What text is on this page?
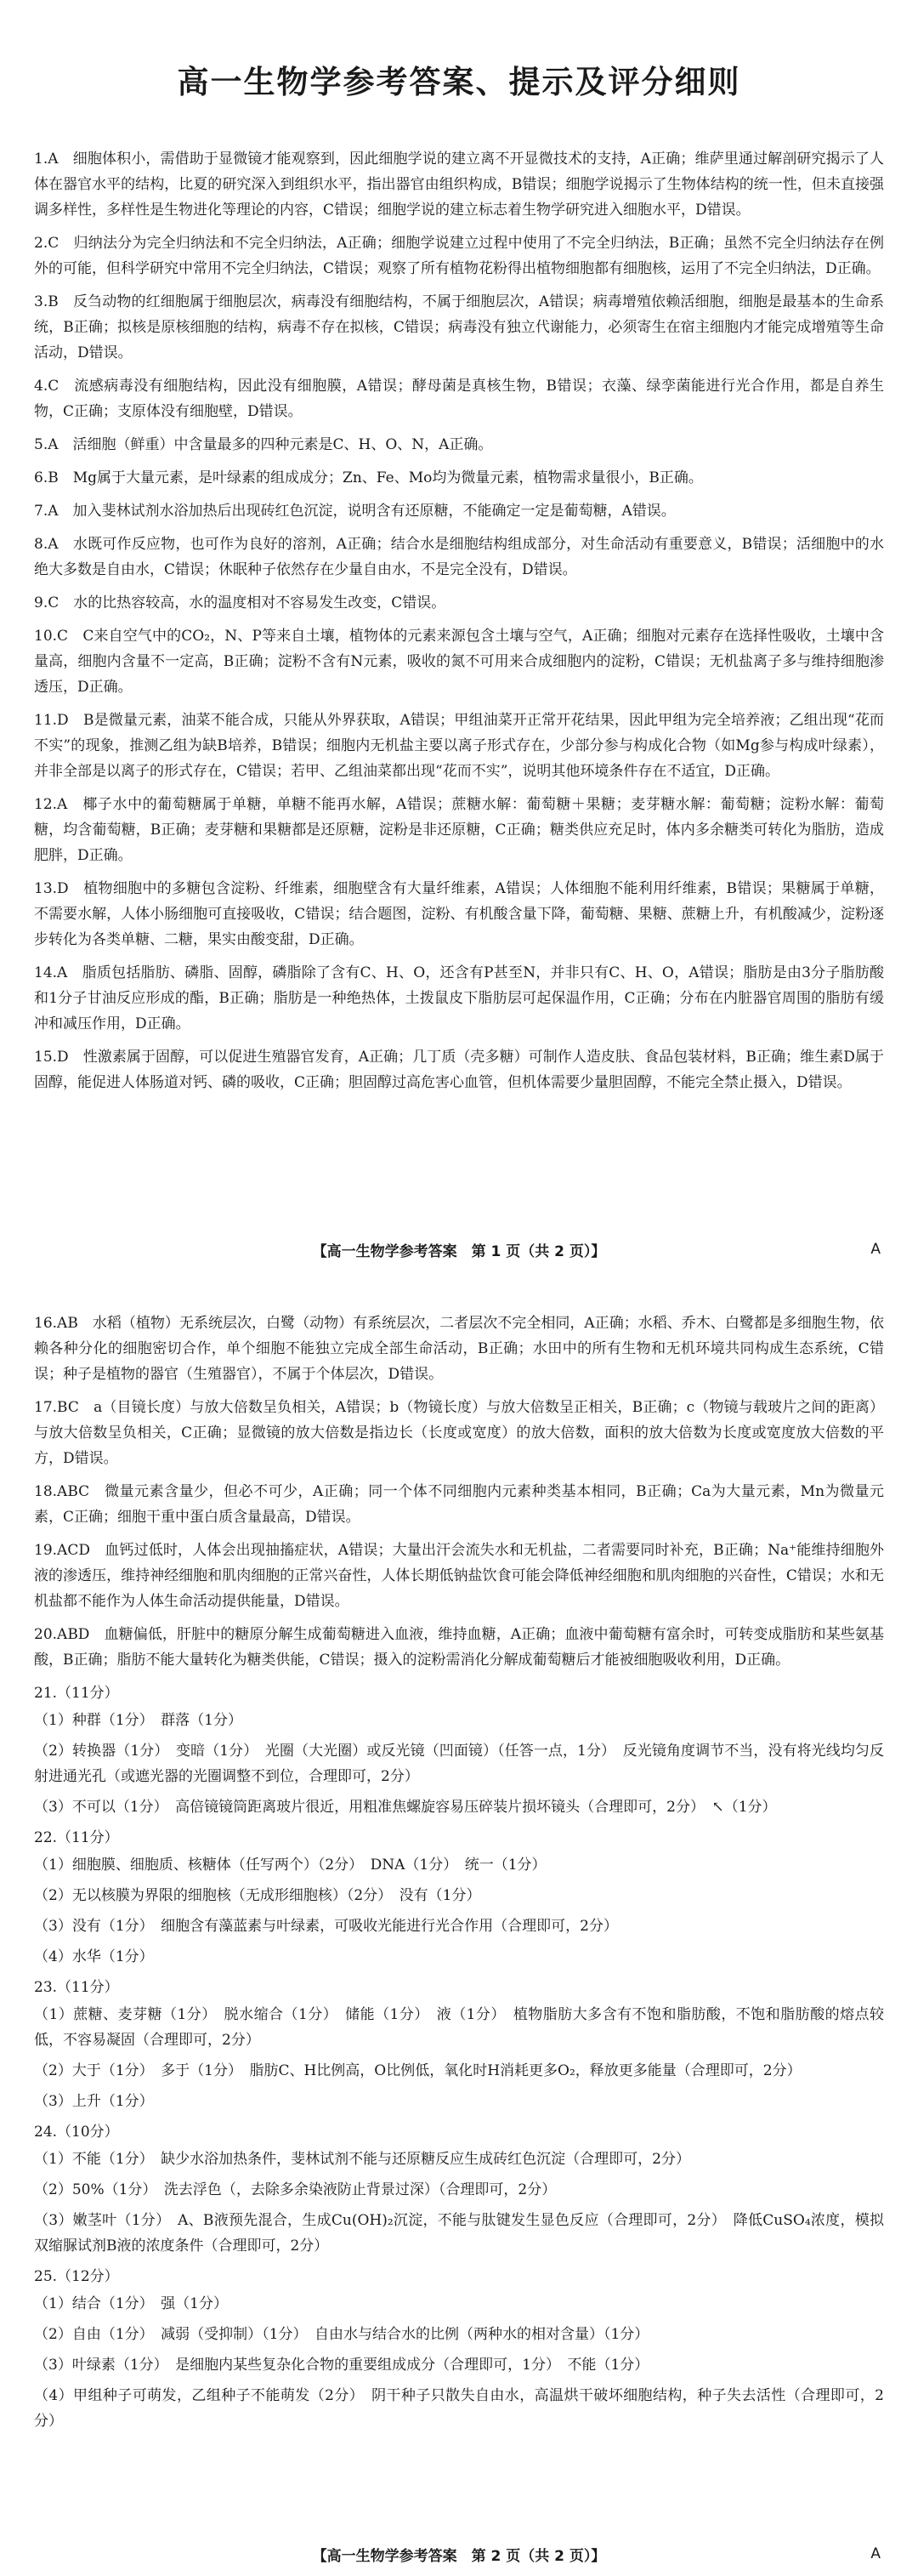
高一生物学参考答案、提示及评分细则

1.A　细胞体积小，需借助于显微镜才能观察到，因此细胞学说的建立离不开显微技术的支持，A正确；维萨里通过解剖研究揭示了人体在器官水平的结构，比夏的研究深入到组织水平，指出器官由组织构成，B错误；细胞学说揭示了生物体结构的统一性，但未直接强调多样性，多样性是生物进化等理论的内容，C错误；细胞学说的建立标志着生物学研究进入细胞水平，D错误。

2.C　归纳法分为完全归纳法和不完全归纳法，A正确；细胞学说建立过程中使用了不完全归纳法，B正确；虽然不完全归纳法存在例外的可能，但科学研究中常用不完全归纳法，C错误；观察了所有植物花粉得出植物细胞都有细胞核，运用了不完全归纳法，D正确。

3.B　反刍动物的红细胞属于细胞层次，病毒没有细胞结构，不属于细胞层次，A错误；病毒增殖依赖活细胞，细胞是最基本的生命系统，B正确；拟核是原核细胞的结构，病毒不存在拟核，C错误；病毒没有独立代谢能力，必须寄生在宿主细胞内才能完成增殖等生命活动，D错误。

4.C　流感病毒没有细胞结构，因此没有细胞膜，A错误；酵母菌是真核生物，B错误；衣藻、绿孪菌能进行光合作用，都是自养生物，C正确；支原体没有细胞壁，D错误。

5.A　活细胞（鲜重）中含量最多的四种元素是C、H、O、N，A正确。

6.B　Mg属于大量元素，是叶绿素的组成成分；Zn、Fe、Mo均为微量元素，植物需求量很小，B正确。

7.A　加入斐林试剂水浴加热后出现砖红色沉淀，说明含有还原糖，不能确定一定是葡萄糖，A错误。

8.A　水既可作反应物，也可作为良好的溶剂，A正确；结合水是细胞结构组成部分，对生命活动有重要意义，B错误；活细胞中的水绝大多数是自由水，C错误；休眠种子依然存在少量自由水，不是完全没有，D错误。

9.C　水的比热容较高，水的温度相对不容易发生改变，C错误。

10.C　C来自空气中的CO₂，N、P等来自土壤，植物体的元素来源包含土壤与空气，A正确；细胞对元素存在选择性吸收，土壤中含量高，细胞内含量不一定高，B正确；淀粉不含有N元素，吸收的氮不可用来合成细胞内的淀粉，C错误；无机盐离子多与维持细胞渗透压，D正确。

11.D　B是微量元素，油菜不能合成，只能从外界获取，A错误；甲组油菜开正常开花结果，因此甲组为完全培养液；乙组出现“花而不实”的现象，推测乙组为缺B培养，B错误；细胞内无机盐主要以离子形式存在，少部分参与构成化合物（如Mg参与构成叶绿素），并非全部是以离子的形式存在，C错误；若甲、乙组油菜都出现“花而不实”，说明其他环境条件存在不适宜，D正确。

12.A　椰子水中的葡萄糖属于单糖，单糖不能再水解，A错误；蔗糖水解：葡萄糖＋果糖；麦芽糖水解：葡萄糖；淀粉水解：葡萄糖，均含葡萄糖，B正确；麦芽糖和果糖都是还原糖，淀粉是非还原糖，C正确；糖类供应充足时，体内多余糖类可转化为脂肪，造成肥胖，D正确。

13.D　植物细胞中的多糖包含淀粉、纤维素，细胞壁含有大量纤维素，A错误；人体细胞不能利用纤维素，B错误；果糖属于单糖，不需要水解，人体小肠细胞可直接吸收，C错误；结合题图，淀粉、有机酸含量下降，葡萄糖、果糖、蔗糖上升，有机酸减少，淀粉逐步转化为各类单糖、二糖，果实由酸变甜，D正确。

14.A　脂质包括脂肪、磷脂、固醇，磷脂除了含有C、H、O，还含有P甚至N，并非只有C、H、O，A错误；脂肪是由3分子脂肪酸和1分子甘油反应形成的酯，B正确；脂肪是一种绝热体，土拨鼠皮下脂肪层可起保温作用，C正确；分布在内脏器官周围的脂肪有缓冲和减压作用，D正确。

15.D　性激素属于固醇，可以促进生殖器官发育，A正确；几丁质（壳多糖）可制作人造皮肤、食品包装材料，B正确；维生素D属于固醇，能促进人体肠道对钙、磷的吸收，C正确；胆固醇过高危害心血管，但机体需要少量胆固醇，不能完全禁止摄入，D错误。

【高一生物学参考答案　第 1 页（共 2 页）】	A

16.AB　水稻（植物）无系统层次，白鹭（动物）有系统层次，二者层次不完全相同，A正确；水稻、乔木、白鹭都是多细胞生物，依赖各种分化的细胞密切合作，单个细胞不能独立完成全部生命活动，B正确；水田中的所有生物和无机环境共同构成生态系统，C错误；种子是植物的器官（生殖器官），不属于个体层次，D错误。

17.BC　a（目镜长度）与放大倍数呈负相关，A错误；b（物镜长度）与放大倍数呈正相关，B正确；c（物镜与载玻片之间的距离）与放大倍数呈负相关，C正确；显微镜的放大倍数是指边长（长度或宽度）的放大倍数，面积的放大倍数为长度或宽度放大倍数的平方，D错误。

18.ABC　微量元素含量少，但必不可少，A正确；同一个体不同细胞内元素种类基本相同，B正确；Ca为大量元素，Mn为微量元素，C正确；细胞干重中蛋白质含量最高，D错误。

19.ACD　血钙过低时，人体会出现抽搐症状，A错误；大量出汗会流失水和无机盐，二者需要同时补充，B正确；Na⁺能维持细胞外液的渗透压，维持神经细胞和肌肉细胞的正常兴奋性，人体长期低钠盐饮食可能会降低神经细胞和肌肉细胞的兴奋性，C错误；水和无机盐都不能作为人体生命活动提供能量，D错误。

20.ABD　血糖偏低，肝脏中的糖原分解生成葡萄糖进入血液，维持血糖，A正确；血液中葡萄糖有富余时，可转变成脂肪和某些氨基酸，B正确；脂肪不能大量转化为糖类供能，C错误；摄入的淀粉需消化分解成葡萄糖后才能被细胞吸收利用，D正确。

21.（11分）

（1）种群（1分）　群落（1分）

（2）转换器（1分）　变暗（1分）　光圈（大光圈）或反光镜（凹面镜）（任答一点，1分）　反光镜角度调节不当，没有将光线均匀反射进通光孔（或遮光器的光圈调整不到位，合理即可，2分）

（3）不可以（1分）　高倍镜镜筒距离玻片很近，用粗准焦螺旋容易压碎装片损坏镜头（合理即可，2分）　↖（1分）

22.（11分）

（1）细胞膜、细胞质、核糖体（任写两个）（2分）　DNA（1分）　统一（1分）

（2）无以核膜为界限的细胞核（无成形细胞核）（2分）　没有（1分）

（3）没有（1分）　细胞含有藻蓝素与叶绿素，可吸收光能进行光合作用（合理即可，2分）

（4）水华（1分）

23.（11分）

（1）蔗糖、麦芽糖（1分）　脱水缩合（1分）　储能（1分）　液（1分）　植物脂肪大多含有不饱和脂肪酸，不饱和脂肪酸的熔点较低，不容易凝固（合理即可，2分）

（2）大于（1分）　多于（1分）　脂肪C、H比例高，O比例低，氧化时H消耗更多O₂，释放更多能量（合理即可，2分）

（3）上升（1分）

24.（10分）

（1）不能（1分）　缺少水浴加热条件，斐林试剂不能与还原糖反应生成砖红色沉淀（合理即可，2分）

（2）50%（1分）　洗去浮色（，去除多余染液防止背景过深）（合理即可，2分）

（3）嫩茎叶（1分）　A、B液预先混合，生成Cu(OH)₂沉淀，不能与肽键发生显色反应（合理即可，2分）　降低CuSO₄浓度，模拟双缩脲试剂B液的浓度条件（合理即可，2分）

25.（12分）

（1）结合（1分）　强（1分）

（2）自由（1分）　减弱（受抑制）（1分）　自由水与结合水的比例（两种水的相对含量）（1分）

（3）叶绿素（1分）　是细胞内某些复杂化合物的重要组成成分（合理即可，1分）　不能（1分）

（4）甲组种子可萌发，乙组种子不能萌发（2分）　阴干种子只散失自由水，高温烘干破坏细胞结构，种子失去活性（合理即可，2分）

【高一生物学参考答案　第 2 页（共 2 页）】	A
